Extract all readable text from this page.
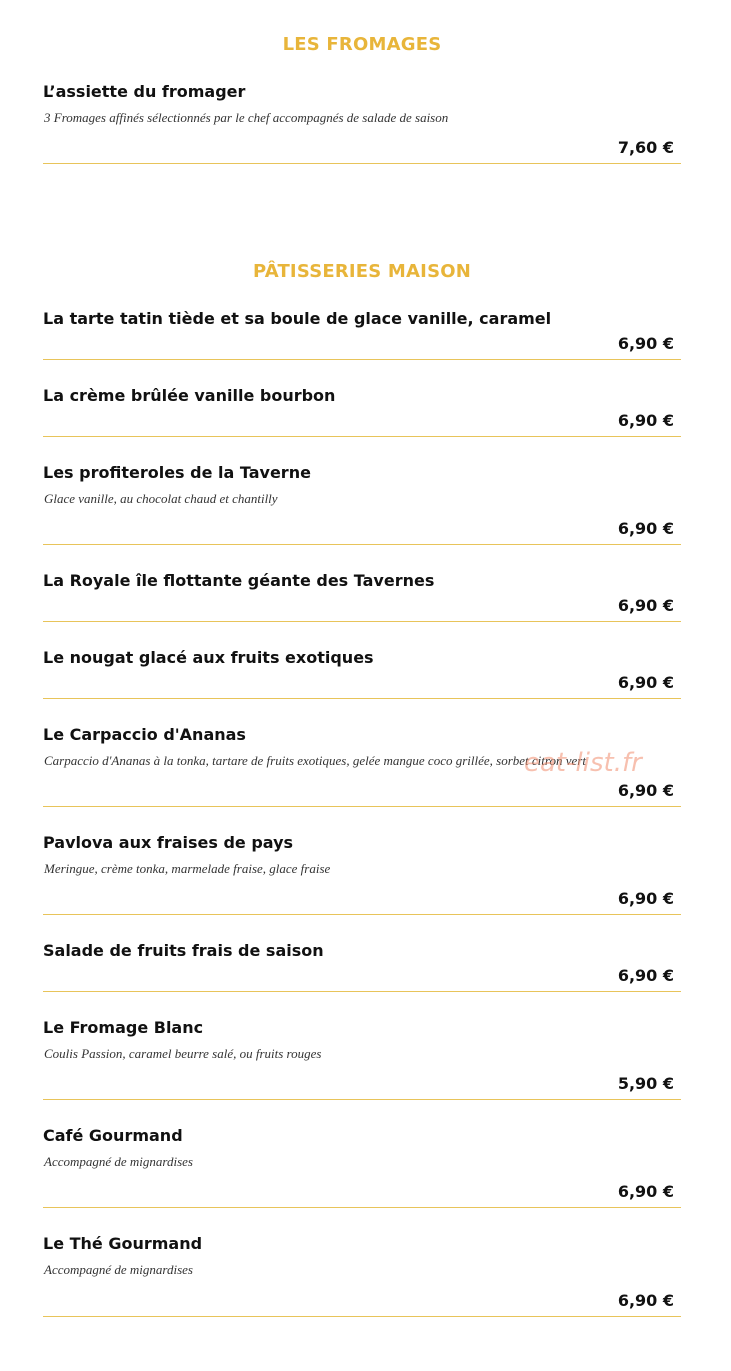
LES FROMAGES
L’assiette du fromager
3 Fromages affinés sélectionnés par le chef accompagnés de salade de saison
7,60 €
PÂTISSERIES MAISON
La tarte tatin tiède et sa boule de glace vanille, caramel
6,90 €
La crème brûlée vanille bourbon
6,90 €
Les profiteroles de la Taverne
Glace vanille, au chocolat chaud et chantilly
6,90 €
La Royale île flottante géante des Tavernes
6,90 €
Le nougat glacé aux fruits exotiques
6,90 €
Le Carpaccio d'Ananas
Carpaccio d'Ananas à la tonka, tartare de fruits exotiques, gelée mangue coco grillée, sorbet citron vert
6,90 €
Pavlova aux fraises de pays
Meringue, crème tonka, marmelade fraise, glace fraise
6,90 €
Salade de fruits frais de saison
6,90 €
Le Fromage Blanc
Coulis Passion, caramel beurre salé, ou fruits rouges
5,90 €
Café Gourmand
Accompagné de mignardises
6,90 €
Le Thé Gourmand
Accompagné de mignardises
6,90 €
eat-list.fr
